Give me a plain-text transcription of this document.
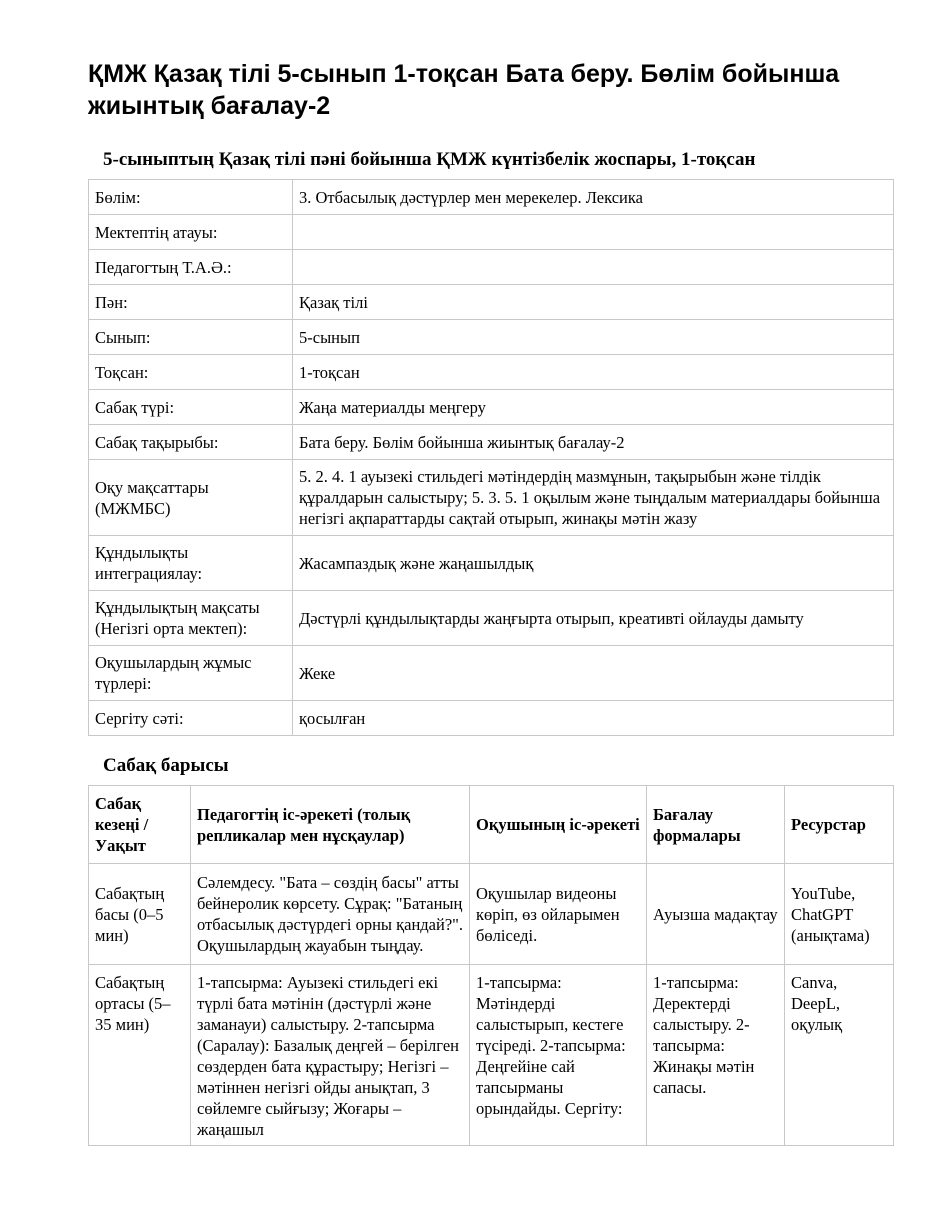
ҚМЖ Қазақ тілі 5-сынып 1-тоқсан Бата беру. Бөлім бойынша жиынтық бағалау-2
5-сыныптың Қазақ тілі пәні бойынша ҚМЖ күнтізбелік жоспары, 1-тоқсан
Бөлім:	3. Отбасылық дәстүрлер мен мерекелер. Лексика
Мектептің атауы:	
Педагогтың Т.А.Ә.:	
Пән:	Қазақ тілі
Сынып:	5-сынып
Тоқсан:	1-тоқсан
Сабақ түрі:	Жаңа материалды меңгеру
Сабақ тақырыбы:	Бата беру. Бөлім бойынша жиынтық бағалау-2
Оқу мақсаттары (МЖМБС)	5. 2. 4. 1 ауызекі стильдегі мәтіндердің мазмұнын, тақырыбын және тілдік құралдарын салыстыру; 5. 3. 5. 1 оқылым және тыңдалым материалдары бойынша негізгі ақпараттарды сақтай отырып, жинақы мәтін жазу
Құндылықты интеграциялау:	Жасампаздық және жаңашылдық
Құндылықтың мақсаты (Негізгі орта мектеп):	Дәстүрлі құндылықтарды жаңғырта отырып, креативті ойлауды дамыту
Оқушылардың жұмыс түрлері:	Жеке
Сергіту сәті:	қосылған
Сабақ барысы
Сабақ кезеңі / Уақыт	Педагогтің іс-әрекеті (толық репликалар мен нұсқаулар)	Оқушының іс-әрекеті	Бағалау формалары	Ресурстар
Сабақтың басы (0–5 мин)	Сәлемдесу. "Бата – сөздің басы" атты бейнеролик көрсету. Сұрақ: "Батаның отбасылық дәстүрдегі орны қандай?". Оқушылардың жауабын тыңдау.	Оқушылар видеоны көріп, өз ойларымен бөліседі.	Ауызша мадақтау	YouTube, ChatGPT (анықтама)
Сабақтың ортасы (5–35 мин)	1-тапсырма: Ауызекі стильдегі екі түрлі бата мәтінін (дәстүрлі және заманауи) салыстыру. 2-тапсырма (Саралау): Базалық деңгей – берілген сөздерден бата құрастыру; Негізгі – мәтіннен негізгі ойды анықтап, 3 сөйлемге сыйғызу; Жоғары – жаңашыл	1-тапсырма: Мәтіндерді салыстырып, кестеге түсіреді. 2-тапсырма: Деңгейіне сай тапсырманы орындайды. Сергіту:	1-тапсырма: Деректерді салыстыру. 2-тапсырма: Жинақы мәтін сапасы.	Canva, DeepL, оқулық
